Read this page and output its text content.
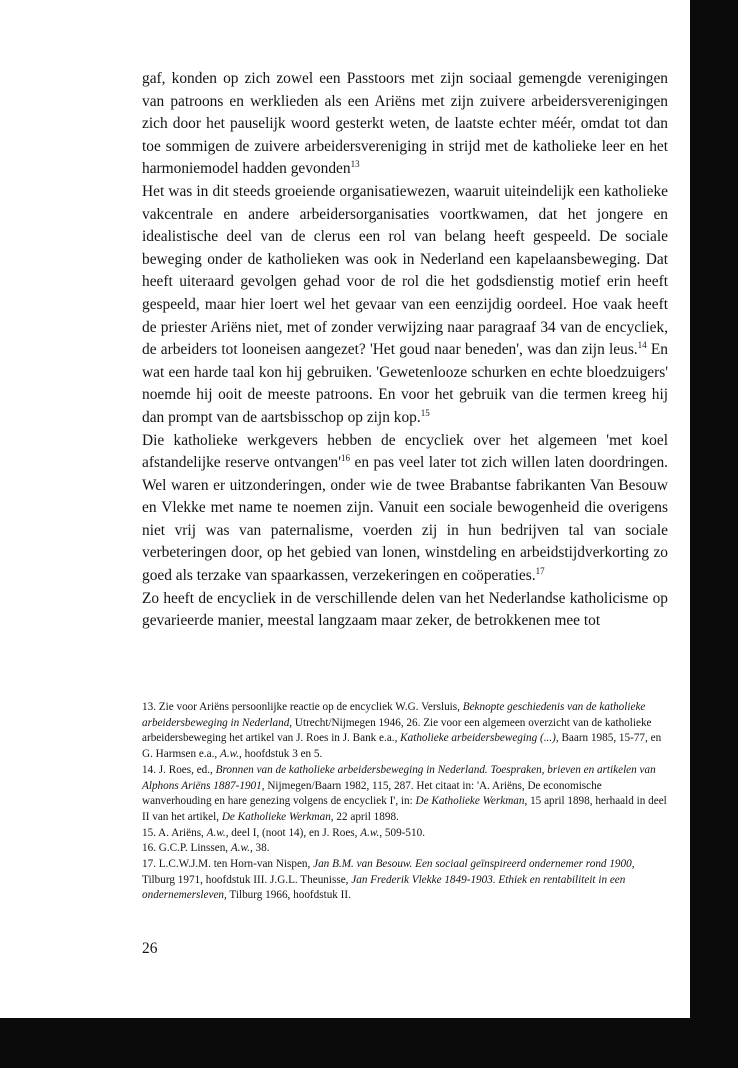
gaf, konden op zich zowel een Passtoors met zijn sociaal gemengde verenigingen van patroons en werklieden als een Ariëns met zijn zuivere arbeidersverenigingen zich door het pauselijk woord gesterkt weten, de laatste echter méér, omdat tot dan toe sommigen de zuivere arbeidersvereniging in strijd met de katholieke leer en het harmoniemodel hadden gevonden$^{13}$

Het was in dit steeds groeiende organisatiewezen, waaruit uiteindelijk een katholieke vakcentrale en andere arbeidersorganisaties voortkwamen, dat het jongere en idealistische deel van de clerus een rol van belang heeft gespeeld. De sociale beweging onder de katholieken was ook in Nederland een kapelaansbeweging. Dat heeft uiteraard gevolgen gehad voor de rol die het godsdienstig motief erin heeft gespeeld, maar hier loert wel het gevaar van een eenzijdig oordeel. Hoe vaak heeft de priester Ariëns niet, met of zonder verwijzing naar paragraaf 34 van de encycliek, de arbeiders tot looneisen aangezet? 'Het goud naar beneden', was dan zijn leus.$^{14}$ En wat een harde taal kon hij gebruiken. 'Gewetenlooze schurken en echte bloedzuigers' noemde hij ooit de meeste patroons. En voor het gebruik van die termen kreeg hij dan prompt van de aartsbisschop op zijn kop.$^{15}$

Die katholieke werkgevers hebben de encycliek over het algemeen 'met koel afstandelijke reserve $ontvangen'^{16}$ en pas veel later tot zich willen laten doordringen. Wel waren er uitzonderingen, onder wie de twee Brabantse fabrikanten Van Besouw en Vlekke met name te noemen zijn. Vanuit een sociale bewogenheid die overigens niet vrij was van paternalisme, voerden zij in hun bedrijven tal van sociale verbeteringen door, op het gebied van lonen, winstdeling en arbeidstijdverkorting zo goed als terzake van spaarkassen, verzekeringen en coöperaties.$^{17}$

Zo heeft de encycliek in de verschillende delen van het Nederlandse katholicisme op gevarieerde manier, meestal langzaam maar zeker, de betrokkenen mee tot

13. Zie voor Ariëns persoonlijke reactie op de encycliek W.G. Versluis, Beknopte geschiedenis van de katholieke arbeidersbeweging in Nederland, Utrecht/Nijmegen 1946, 26. Zie voor een algemeen overzicht van de katholieke arbeidersbeweging het artikel van J. Roes in J. Bank e.a., Katholieke arbeidersbeweging (...), Baarn 1985, 15-77, en G. Harmsen e.a., A.w., hoofdstuk 3 en 5.

14. J. Roes, ed., Bronnen van de katholieke arbeidersbeweging in Nederland. Toespraken, brieven en artikelen van Alphons Ariëns 1887-1901, Nijmegen/Baarn 1982, 115, 287. Het citaat in: 'A. Ariëns, De economische wanverhouding en hare genezing volgens de encycliek I', in: De Katholieke Werkman, 15 april 1898, herhaald in deel II van het artikel, De Katholieke Werkman, 22 april 1898.

15. A. Ariëns, A.w., deel I, (noot 14), en J. Roes, A.w., 509-510.

16. G.C.P. Linssen, A.w., 38.

17. L.C.W.J.M. ten Horn-van Nispen, Jan B.M. van Besouw. Een sociaal geïnspireerd ondernemer rond 1900, Tilburg 1971, hoofdstuk III. J.G.L. Theunisse, Jan Frederik Vlekke 1849-1903. Ethiek en rentabiliteit in een ondernemersleven, Tilburg 1966, hoofdstuk II.

26
